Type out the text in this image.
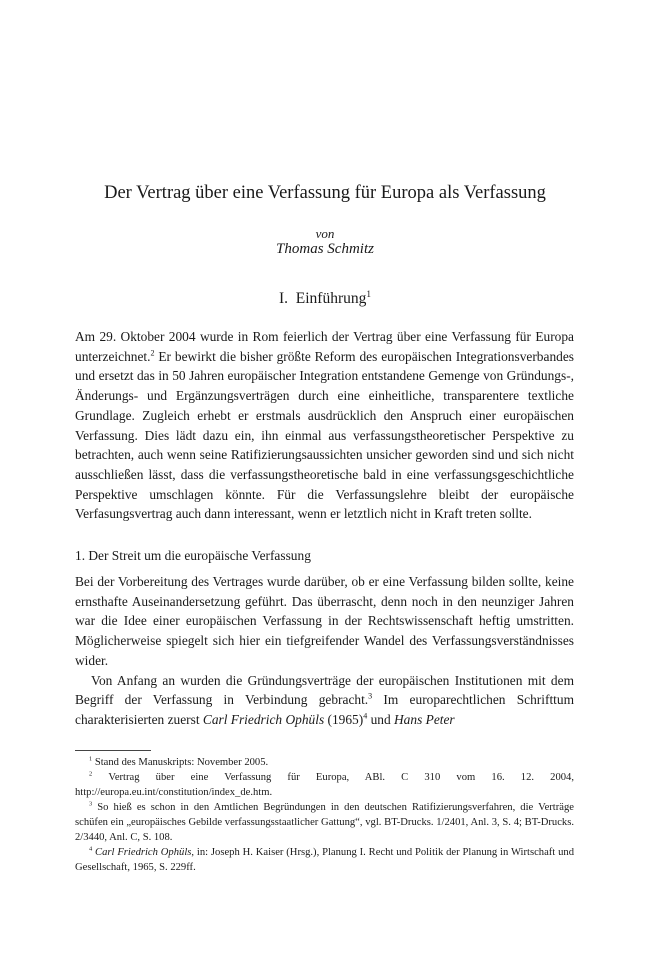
Der Vertrag über eine Verfassung für Europa als Verfassung
von
Thomas Schmitz
I. Einführung$^1$

Am 29. Oktober 2004 wurde in Rom feierlich der Vertrag über eine Verfassung für Europa unterzeichnet.$^2$ Er bewirkt die bisher größte Reform des europäischen Integrationsverbandes und ersetzt das in 50 Jahren europäischer Integration entstandene Gemenge von Gründungs-, Änderungs- und Ergänzungsverträgen durch eine einheitliche, transparentere textliche Grundlage. Zugleich erhebt er erstmals ausdrücklich den Anspruch einer europäischen Verfassung. Dies lädt dazu ein, ihn einmal aus verfassungstheoretischer Perspektive zu betrachten, auch wenn seine Ratifizierungsaussichten unsicher geworden sind und sich nicht ausschließen lässt, dass die verfassungstheoretische bald in eine verfassungsgeschichtliche Perspektive umschlagen könnte. Für die Verfassungslehre bleibt der europäische Verfasungsvertrag auch dann interessant, wenn er letztlich nicht in Kraft treten sollte.

1. Der Streit um die europäische Verfassung

Bei der Vorbereitung des Vertrages wurde darüber, ob er eine Verfassung bilden sollte, keine ernsthafte Auseinandersetzung geführt. Das überrascht, denn noch in den neunziger Jahren war die Idee einer europäischen Verfassung in der Rechtswissenschaft heftig umstritten. Möglicherweise spiegelt sich hier ein tiefgreifender Wandel des Verfassungsverständnisses wider.

Von Anfang an wurden die Gründungsverträge der europäischen Institutionen mit dem Begriff der Verfassung in Verbindung gebracht.$^3$ Im europarechtlichen Schrifttum charakterisierten zuerst Carl Friedrich Ophüls $(1965)^4$ und Hans Peter

$^1$ Stand des Manuskripts: November 2005.

$^2$ Vertrag über eine Verfassung für Europa, ABl. C 310 vom 16. 12. 2004, http://europa.eu.int/constitution/index_de.htm.

$^3$ So hieß es schon in den Amtlichen Begründungen in den deutschen Ratifizierungsverfahren, die Verträge schüfen ein „europäisches Gebilde verfassungsstaatlicher Gattung“, vgl. BT-Drucks. 1/2401, Anl. 3, S. 4; BT-Drucks. 2/3440, Anl. C, S. 108.

$^4$ Carl Friedrich Ophüls, in: Joseph H. Kaiser (Hrsg.), Planung I. Recht und Politik der Planung in Wirtschaft und Gesellschaft, 1965, S. 229ff.
